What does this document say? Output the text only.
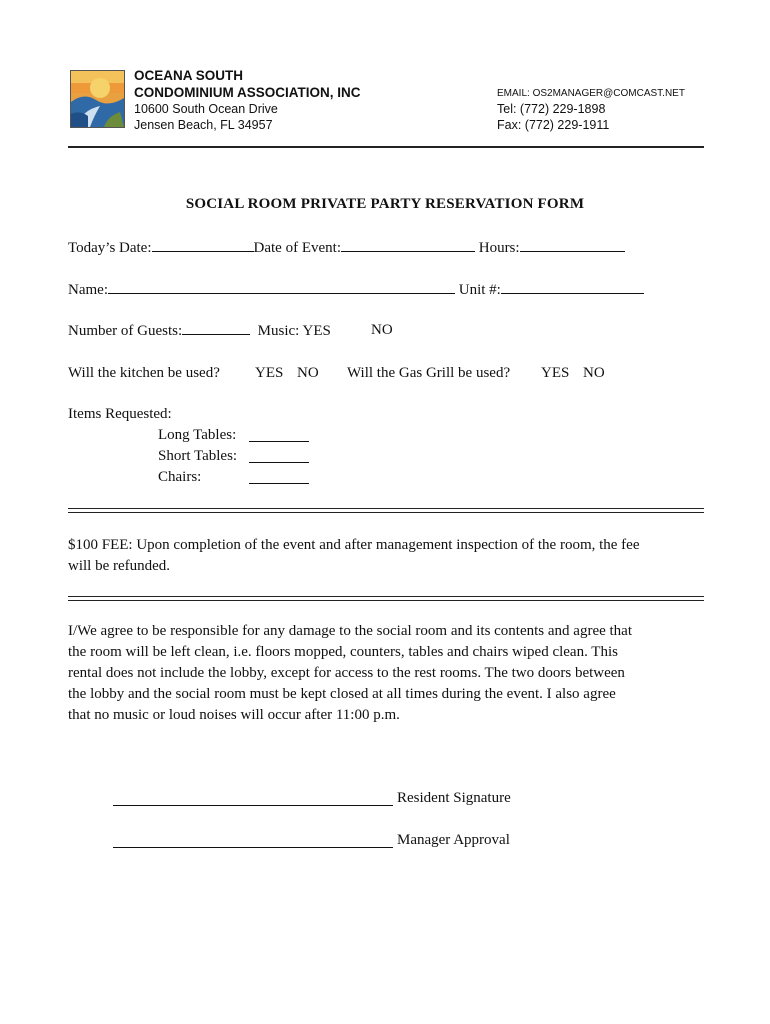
OCEANA SOUTH
CONDOMINIUM ASSOCIATION, INC
10600 South Ocean Drive
Jensen Beach, FL 34957
EMAIL: OS2MANAGER@COMCAST.NET
Tel: (772) 229-1898
Fax: (772) 229-1911
SOCIAL ROOM PRIVATE PARTY RESERVATION FORM
Today’s Date:	Date of Event:	Hours:
Name:	Unit #:
Number of Guests:	Music: YES	NO
Will the kitchen be used? YES NO Will the Gas Grill be used? YES NO
Items Requested:
Long Tables:
Short Tables:
Chairs:
$100 FEE: Upon completion of the event and after management inspection of the room, the fee
will be refunded.
I/We agree to be responsible for any damage to the social room and its contents and agree that
the room will be left clean, i.e. floors mopped, counters, tables and chairs wiped clean. This
rental does not include the lobby, except for access to the rest rooms. The two doors between
the lobby and the social room must be kept closed at all times during the event. I also agree
that no music or loud noises will occur after 11:00 p.m.
Resident Signature
Manager Approval
